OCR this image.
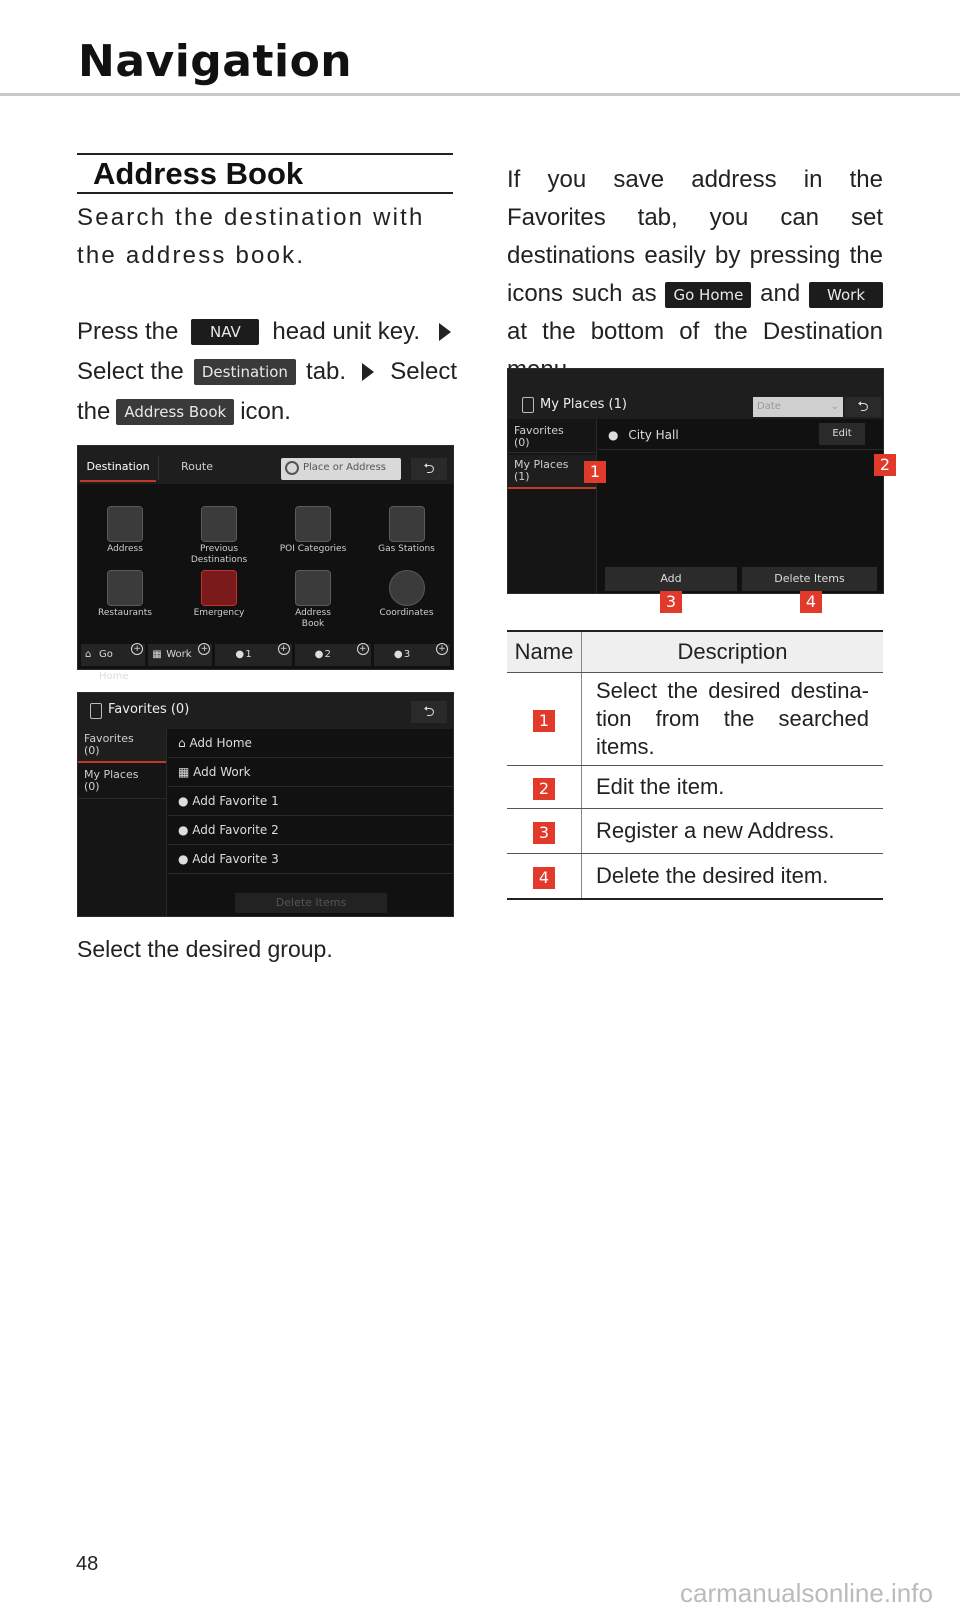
Navigation
Address Book
Search the destination with the address book.
Press the	NAV	head unit key.
Select the	Destination tab. Select
the Address Book icon.
Destination	Route	Place or Address	⮌
Address	Previous Destinations
POI Categories	Gas Stations
Restaurants	Emergency	Address Book
Coordinates
⌂ Go Home
+ ▦ Work +	● 1	+	● 2	+	● 3	+
Favorites (0)	⮌
Favorites
(0)
My Places
(0)
⌂ Add Home
▦ Add Work
● Add Favorite 1
● Add Favorite 2
● Add Favorite 3
Delete Items
Select the desired group.
If you save address in the Favorites tab, you can set destinations easily by pressing the icons such as Go Home and Work at the bottom of the Destination
My Places (1)	Date	⌄	⮌
Favorites
(0)
My Places
(1)
● City Hall	Edit
Add	Delete Items
1	2
3	4
Name	Description
1	Select the desired destina-tion from the searched items.
2	Edit the item.
3	Register a new Address.
4	Delete the desired item.
48
carmanualsonline.info
